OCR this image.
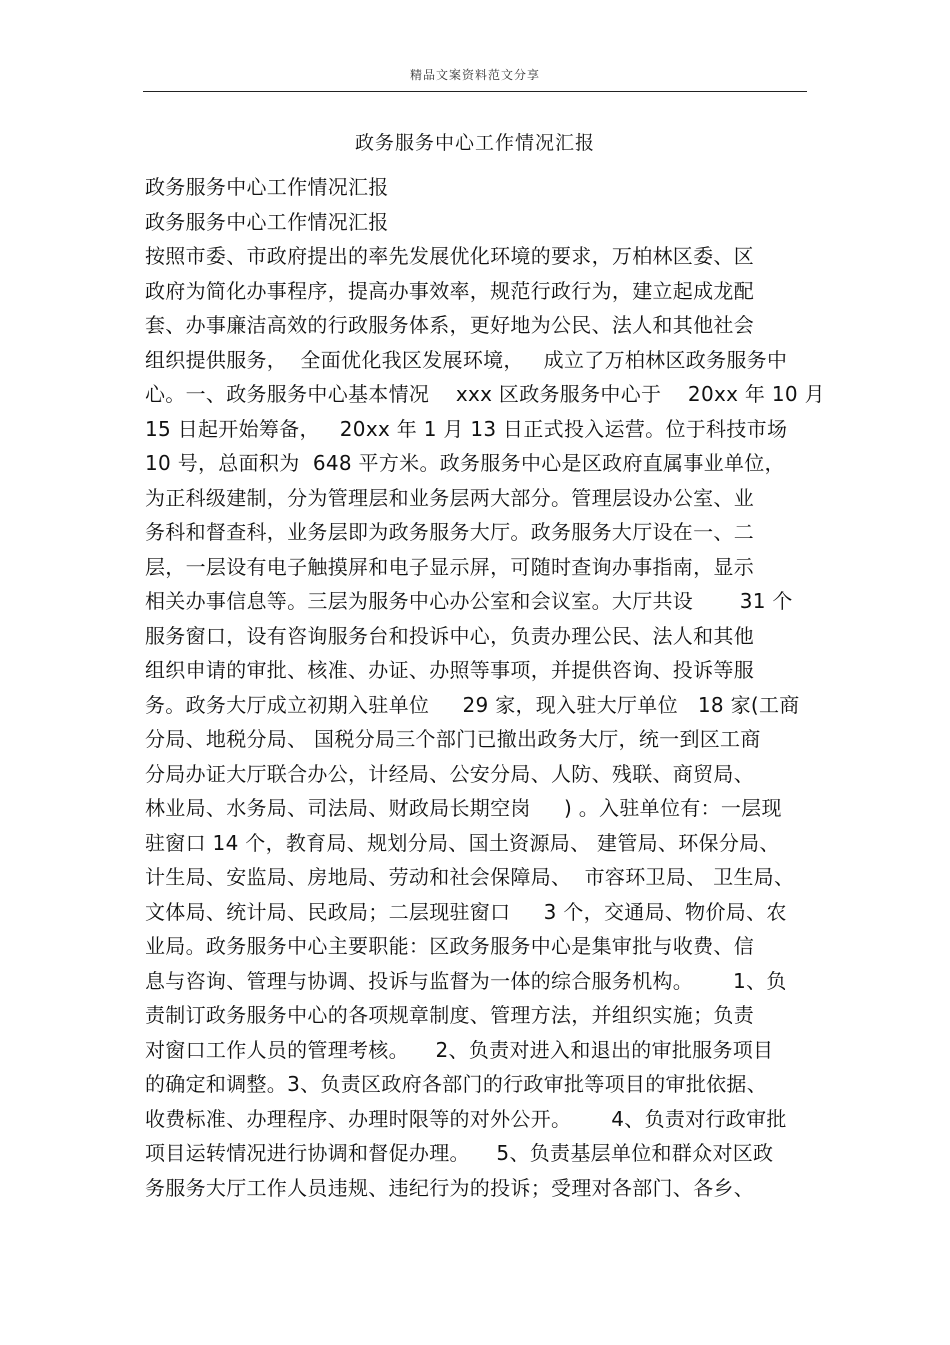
精品文案资料范文分享
政务服务中心工作情况汇报
政务服务中心工作情况汇报
政务服务中心工作情况汇报
按照市委、市政府提出的率先发展优化环境的要求，万柏林区委、区
政府为简化办事程序，提高办事效率，规范行政行为，建立起成龙配
套、办事廉洁高效的行政服务体系，更好地为公民、法人和其他社会
组织提供服务，  全面优化我区发展环境，   成立了万柏林区政务服务中
心。一、政务服务中心基本情况    xxx 区政务服务中心于    20xx 年 10 月
15 日起开始筹备，   20xx 年 1 月 13 日正式投入运营。位于科技市场
10 号，总面积为  648 平方米。政务服务中心是区政府直属事业单位，
为正科级建制，分为管理层和业务层两大部分。管理层设办公室、业
务科和督查科，业务层即为政务服务大厅。政务服务大厅设在一、二
层，一层设有电子触摸屏和电子显示屏，可随时查询办事指南，显示
相关办事信息等。三层为服务中心办公室和会议室。大厅共设       31 个
服务窗口，设有咨询服务台和投诉中心，负责办理公民、法人和其他
组织申请的审批、核准、办证、办照等事项，并提供咨询、投诉等服
务。政务大厅成立初期入驻单位     29 家，现入驻大厅单位   18 家(工商
分局、地税分局、 国税分局三个部门已撤出政务大厅，统一到区工商
分局办证大厅联合办公，计经局、公安分局、人防、残联、商贸局、
林业局、水务局、司法局、财政局长期空岗     ) 。入驻单位有：一层现
驻窗口 14 个，教育局、规划分局、国土资源局、 建管局、环保分局、
计生局、安监局、房地局、劳动和社会保障局、  市容环卫局、 卫生局、
文体局、统计局、民政局；二层现驻窗口     3 个，交通局、物价局、农
业局。政务服务中心主要职能：区政务服务中心是集审批与收费、信
息与咨询、管理与协调、投诉与监督为一体的综合服务机构。      1、负
责制订政务服务中心的各项规章制度、管理方法，并组织实施；负责
对窗口工作人员的管理考核。    2、负责对进入和退出的审批服务项目
的确定和调整。3、负责区政府各部门的行政审批等项目的审批依据、
收费标准、办理程序、办理时限等的对外公开。      4、负责对行政审批
项目运转情况进行协调和督促办理。    5、负责基层单位和群众对区政
务服务大厅工作人员违规、违纪行为的投诉；受理对各部门、各乡、
